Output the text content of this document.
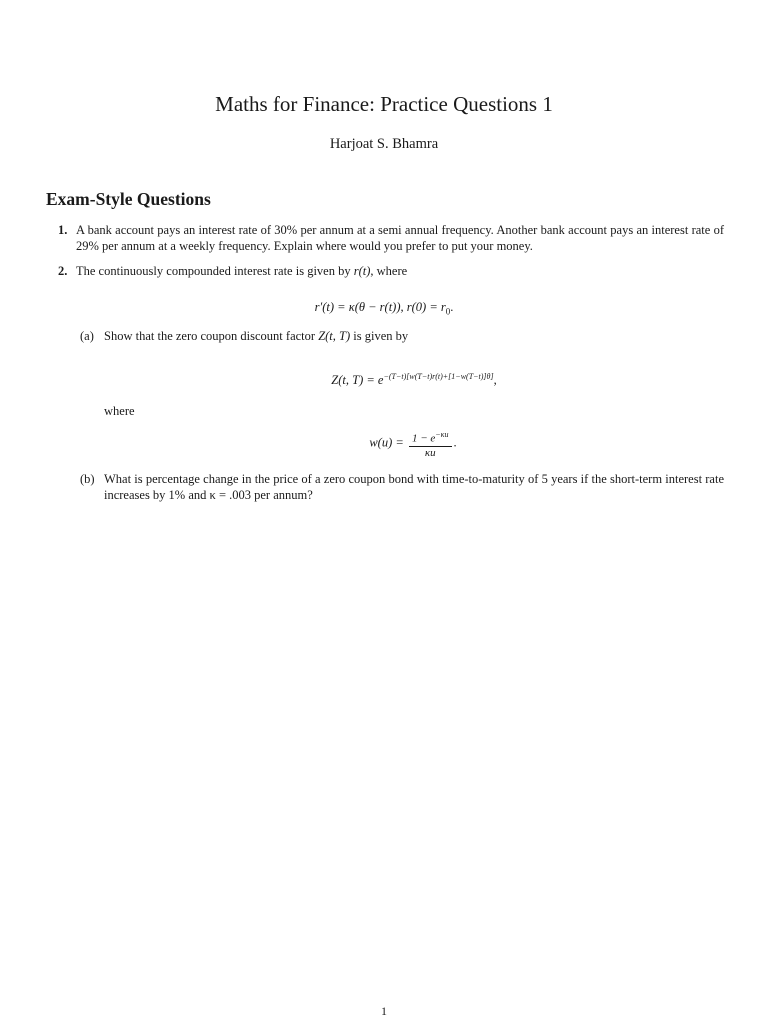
Maths for Finance: Practice Questions 1
Harjoat S. Bhamra
Exam-Style Questions
1. A bank account pays an interest rate of 30% per annum at a semi annual frequency. Another bank account pays an interest rate of 29% per annum at a weekly frequency. Explain where would you prefer to put your money.
2. The continuously compounded interest rate is given by r(t), where
r′(t) = κ(θ − r(t)), $r(0) = r_0$.
(a) Show that the zero coupon discount factor Z(t, T) is given by
Z(t, $T) = e^{-(T-t)[w(T-t)r(t)+[1-w(T-t)]\theta]}$,
where
$w(u) = \frac{1 - e^{-\kappa u}}{\kappa u}$ .
(b) What is percentage change in the price of a zero coupon bond with time-to-maturity of 5 years if the short-term interest rate increases by 1% and κ = .003 per annum?
1
